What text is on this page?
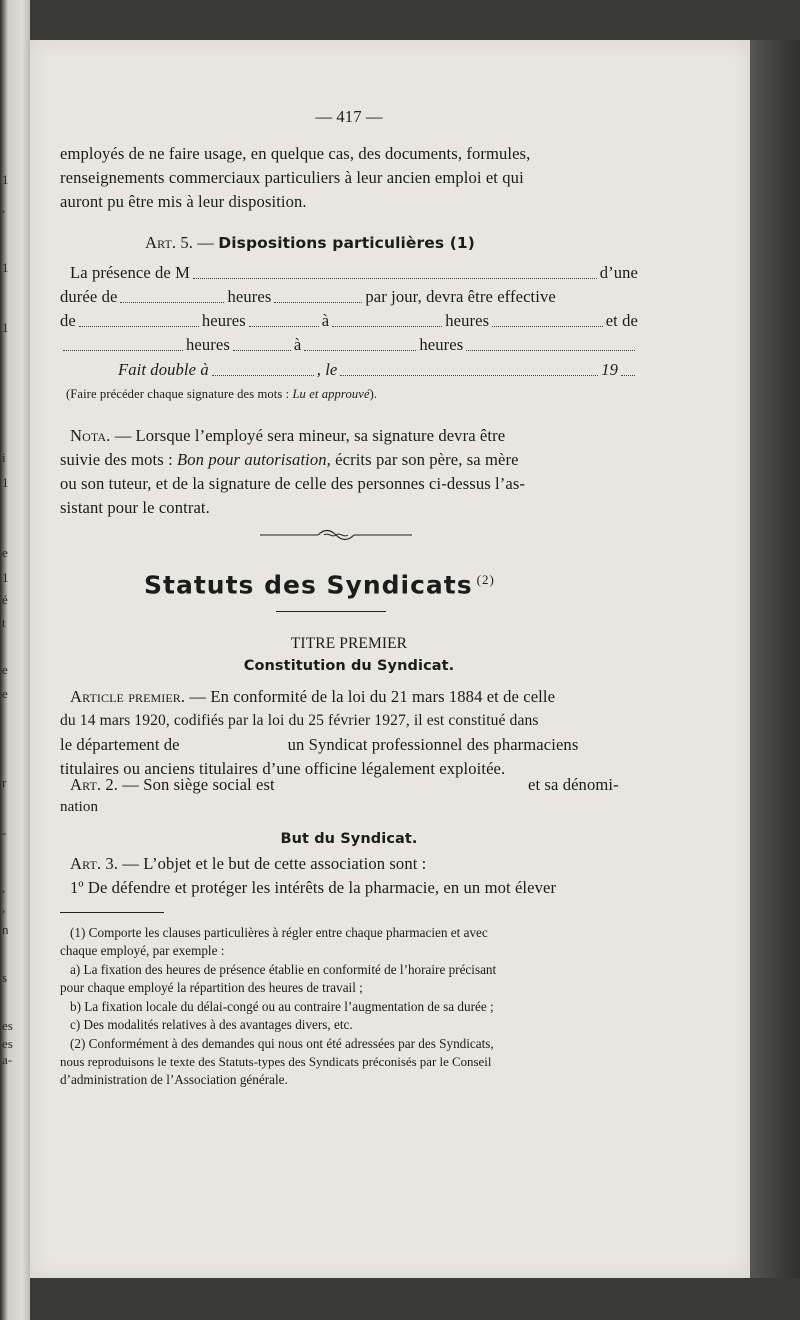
1
,
1
1
i
1
e
1
é
t
e
e
r
-
,
,
n
s
es
es
a-
— 417 —
employés de ne faire usage, en quelque cas, des documents, formules,
renseignements commerciaux particuliers à leur ancien emploi et qui
auront pu être mis à leur disposition.
Art. 5. — Dispositions particulières (1)
La présence de M	d’une
durée de	heures	par jour, devra être effective
de	heures	à	heures	et de
heures	à	heures
Fait double à	, le	19
(Faire précéder chaque signature des mots : Lu et approuvé).
Nota. — Lorsque l’employé sera mineur, sa signature devra être
suivie des mots : Bon pour autorisation, écrits par son père, sa mère
ou son tuteur, et de la signature de celle des personnes ci-dessus l’as-
sistant pour le contrat.
Statuts des Syndicats $^{(2)}$
TITRE PREMIER
Constitution du Syndicat.
Article premier. — En conformité de la loi du 21 mars 1884 et de celle
du 14 mars 1920, codifiés par la loi du 25 février 1927, il est constitué dans
le département de	un Syndicat professionnel des pharmaciens
titulaires ou anciens titulaires d’une officine légalement exploitée.
Art. 2. — Son siège social est	et sa dénomi-
nation
But du Syndicat.
Art. 3. — L’objet et le but de cette association sont :
1º De défendre et protéger les intérêts de la pharmacie, en un mot élever
(1) Comporte les clauses particulières à régler entre chaque pharmacien et avec
chaque employé, par exemple :
a) La fixation des heures de présence établie en conformité de l’horaire précisant
pour chaque employé la répartition des heures de travail ;
b) La fixation locale du délai-congé ou au contraire l’augmentation de sa durée ;
c) Des modalités relatives à des avantages divers, etc.
(2) Conformément à des demandes qui nous ont été adressées par des Syndicats,
nous reproduisons le texte des Statuts-types des Syndicats préconisés par le Conseil
d’administration de l’Association générale.
